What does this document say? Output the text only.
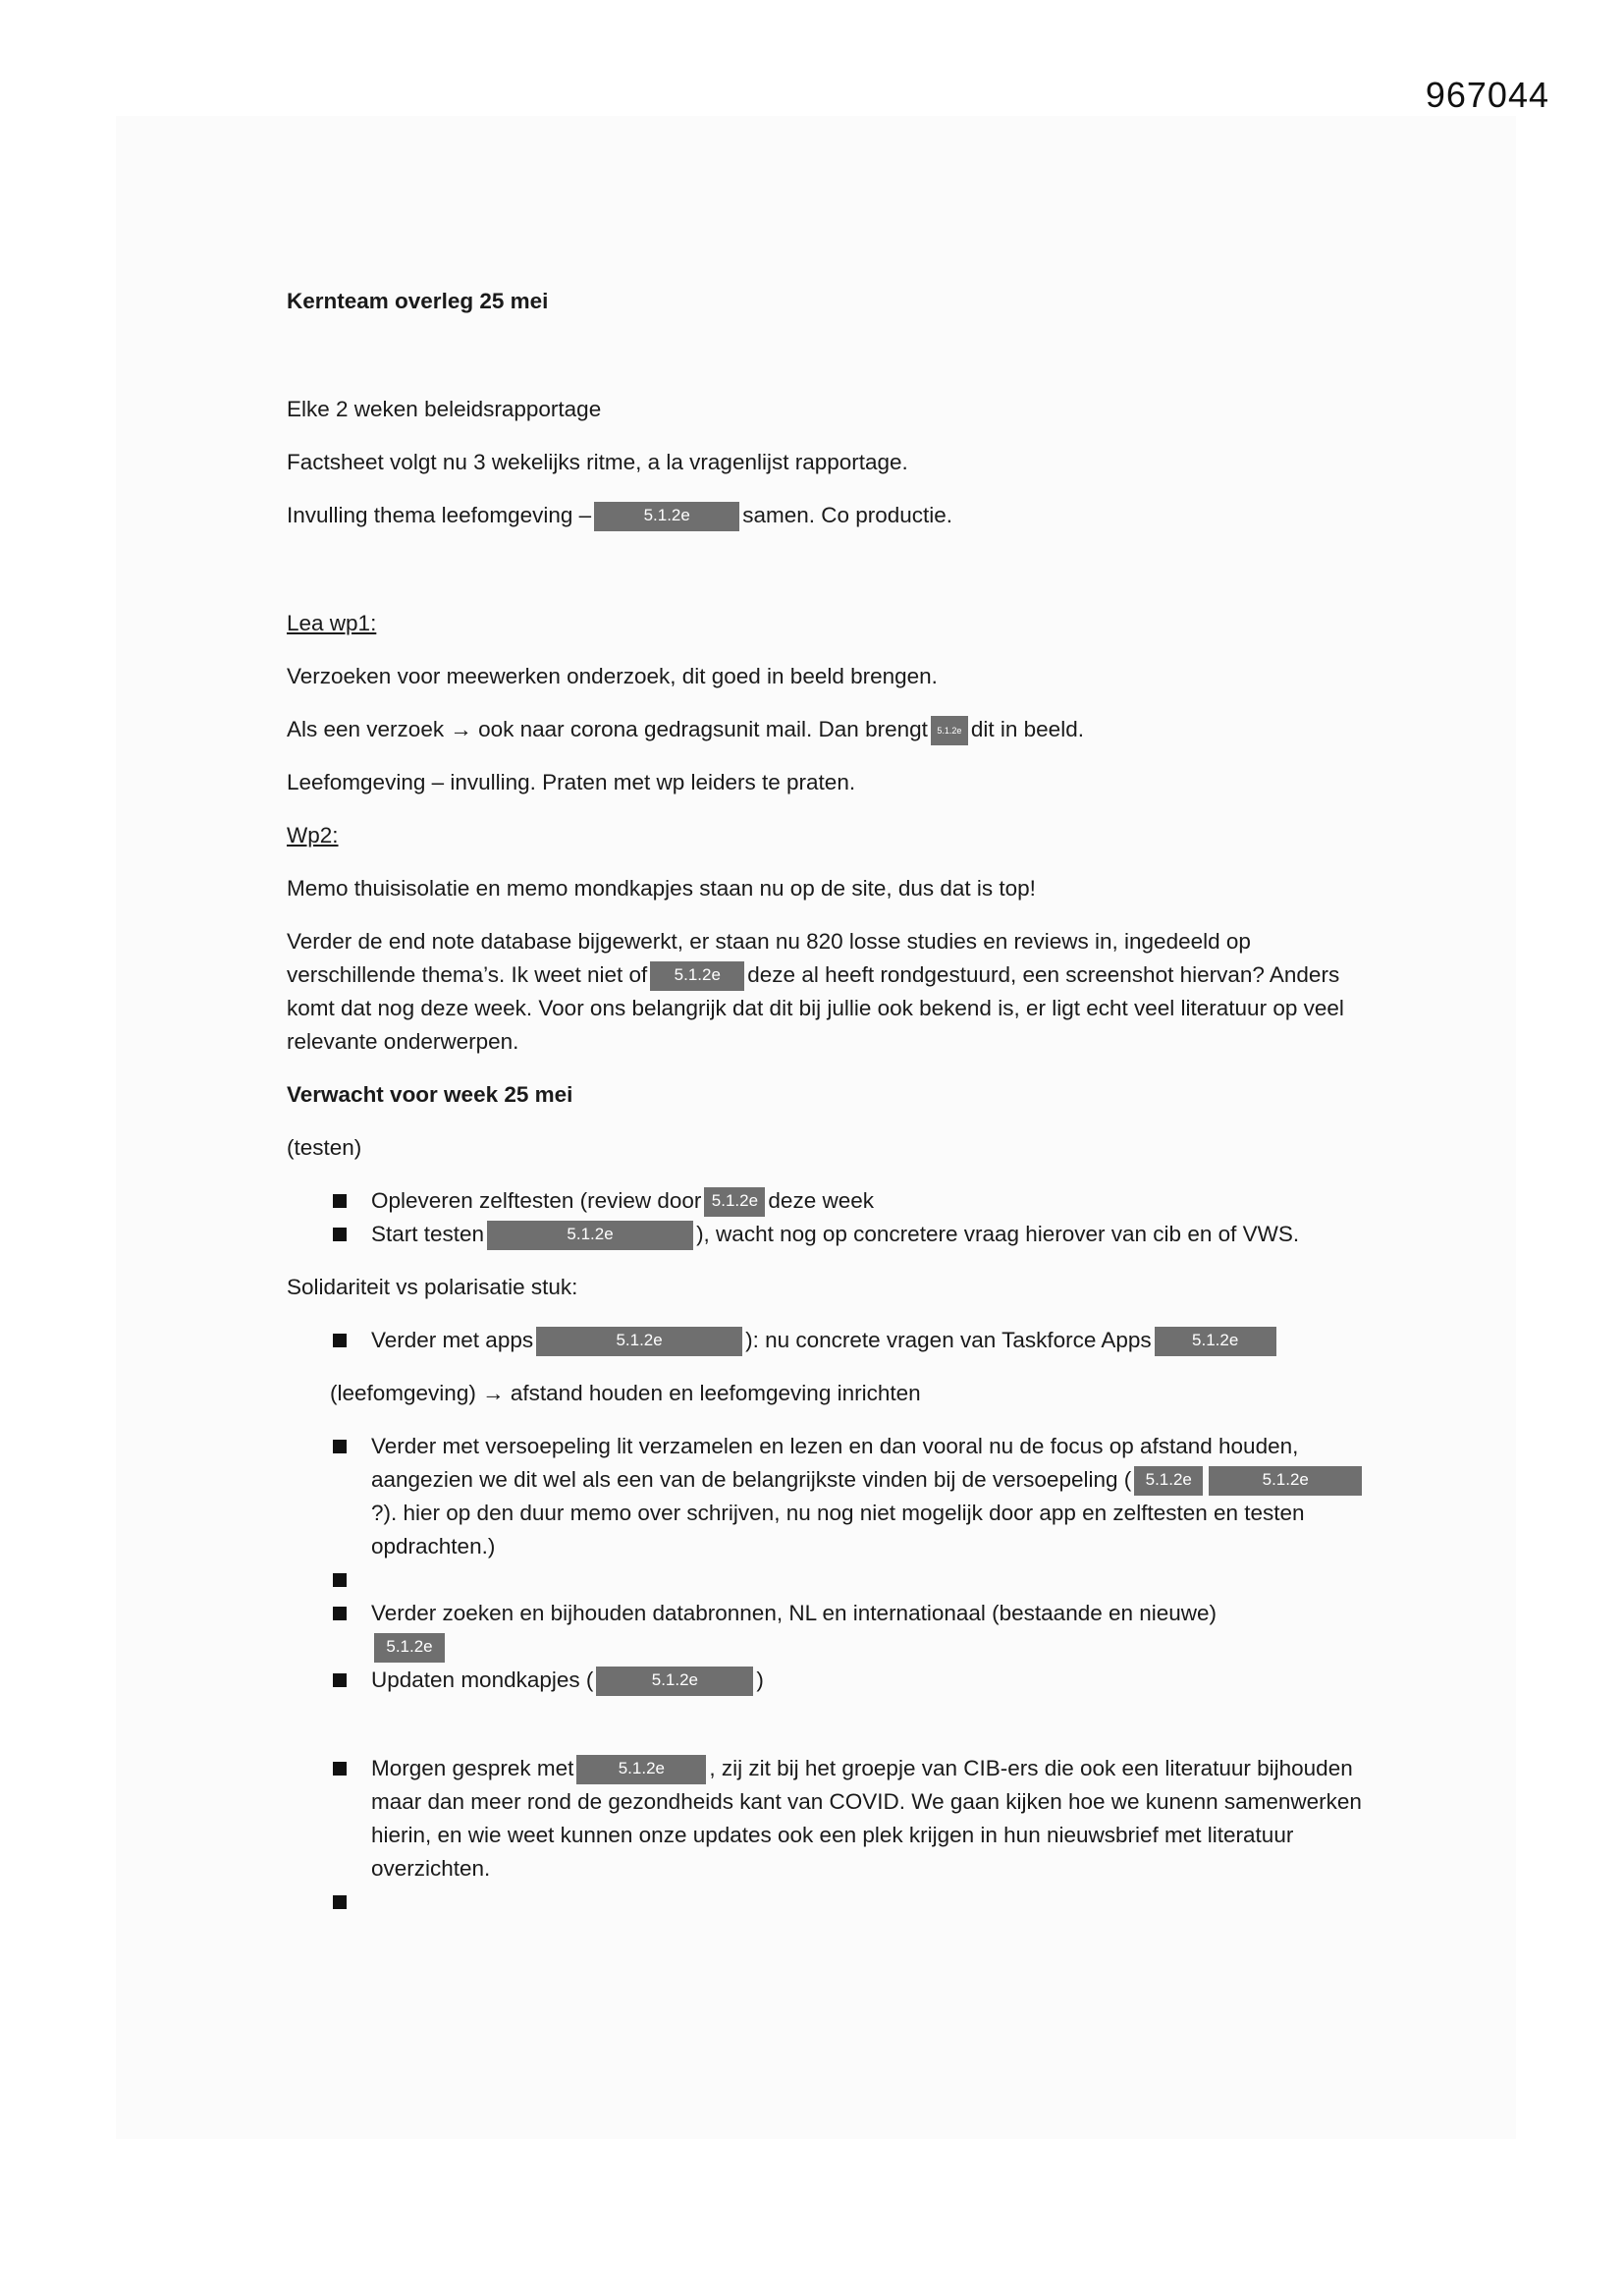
967044

Kernteam overleg 25 mei

Elke 2 weken beleidsrapportage

Factsheet volgt nu 3 wekelijks ritme, a la vragenlijst rapportage.

Invulling thema leefomgeving –	5.1.2e samen. Co productie.

Lea wp1:

Verzoeken voor meewerken onderzoek, dit goed in beeld brengen.

Als een verzoek → ook naar corona gedragsunit mail. Dan brengt 5.1.2e dit in beeld.

Leefomgeving – invulling. Praten met wp leiders te praten.

Wp2:

Memo thuisisolatie en memo mondkapjes staan nu op de site, dus dat is top!

Verder de end note database bijgewerkt, er staan nu 820 losse studies en reviews in, ingedeeld op verschillende thema’s. Ik weet niet of 5.1.2e deze al heeft rondgestuurd, een screenshot hiervan? Anders komt dat nog deze week. Voor ons belangrijk dat dit bij jullie ook bekend is, er ligt echt veel literatuur op veel relevante onderwerpen.

Verwacht voor week 25 mei

(testen)

Opleveren zelftesten (review door 5.1.2e deze week
Start testen	5.1.2e	), wacht nog op concretere vraag hierover van cib en of VWS.

Solidariteit vs polarisatie stuk:

Verder met apps	5.1.2e	): nu concrete vragen van Taskforce Apps 5.1.2e

(leefomgeving) → afstand houden en leefomgeving inrichten

Verder met versoepeling lit verzamelen en lezen en dan vooral nu de focus op afstand houden, aangezien we dit wel als een van de belangrijkste vinden bij de versoepeling ( 5.1.2e	5.1.2e?). hier op den duur memo over schrijven, nu nog niet mogelijk door app en zelftesten en testen opdrachten.)

Verder zoeken en bijhouden databronnen, NL en internationaal (bestaande en nieuwe)
5.1.2e
Updaten mondkapjes (	5.1.2e	)
Morgen gesprek met	5.1.2e , zij zit bij het groepje van CIB-ers die ook een literatuur bijhouden maar dan meer rond de gezondheids kant van COVID. We gaan kijken hoe we kunenn samenwerken hierin, en wie weet kunnen onze updates ook een plek krijgen in hun nieuwsbrief met literatuur overzichten.
